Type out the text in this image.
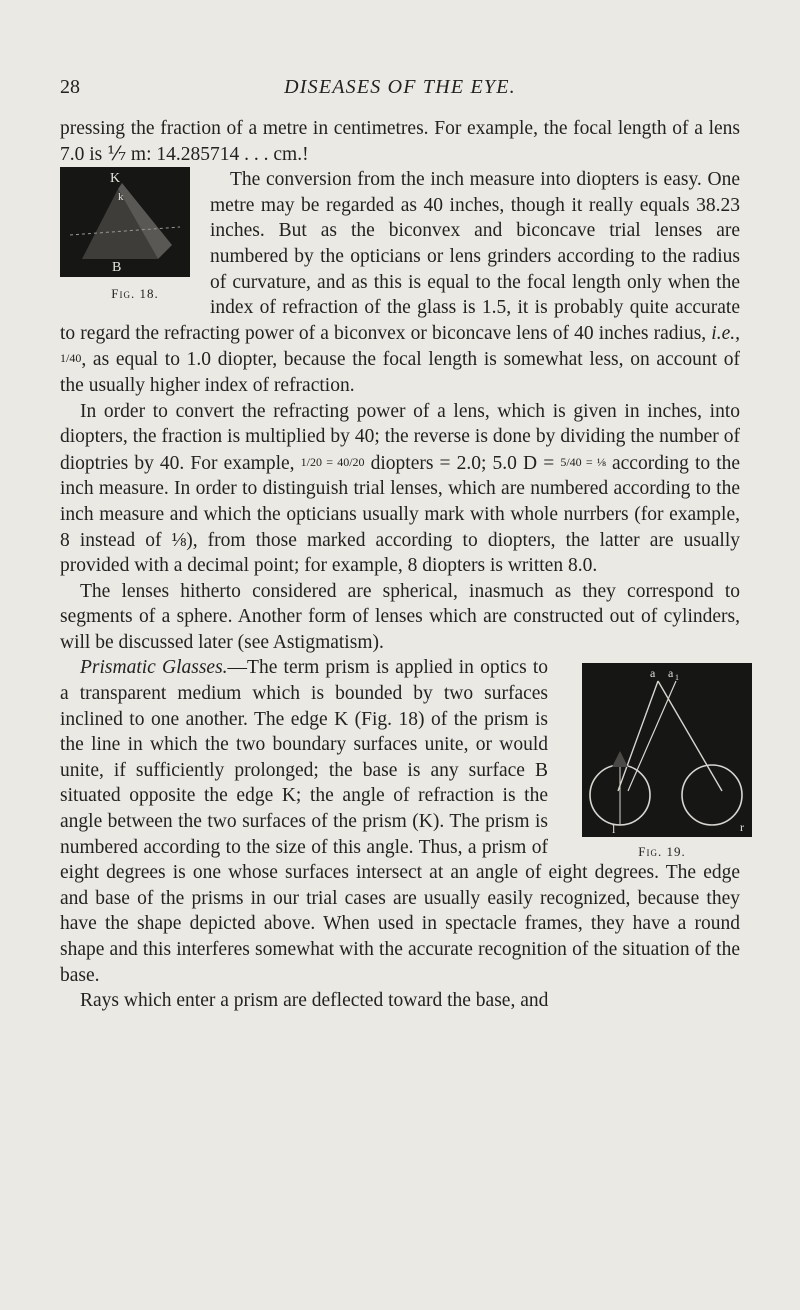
28	DISEASES OF THE EYE.

pressing the fraction of a metre in centimetres. For example, the focal length of a lens 7.0 is ⅐ m: 14.285714 . . . cm.!

K
k
B
Fig. 18.
The conversion from the inch measure into diopters is easy. One metre may be regarded as 40 inches, though it really equals 38.23 inches. But as the biconvex and biconcave trial lenses are numbered by the opticians or lens grinders according to the radius of curvature, and as this is equal to the focal length only when the index of refraction of the glass is 1.5, it is probably quite accurate to regard the refracting power of a biconvex or biconcave lens of 40 inches radius, i.e., 1/40, as equal to 1.0 diopter, because the focal length is somewhat less, on account of the usually higher index of refraction.

In order to convert the refracting power of a lens, which is given in inches, into diopters, the fraction is multiplied by 40; the reverse is done by dividing the number of dioptries by 40. For example, 1/20 = 40/20 diopters = 2.0; 5.0 D = 5/40 = ⅛ according to the inch measure. In order to distinguish trial lenses, which are numbered according to the inch measure and which the opticians usually mark with whole nurrbers (for example, 8 instead of ⅛), from those marked according to diopters, the latter are usually provided with a decimal point; for example, 8 diopters is written 8.0.

The lenses hitherto considered are spherical, inasmuch as they correspond to segments of a sphere. Another form of lenses which are constructed out of cylinders, will be discussed later (see Astigmatism).

a a 1
l	r
Fig. 19.
Prismatic Glasses.—The term prism is applied in optics to a transparent medium which is bounded by two surfaces inclined to one another. The edge K (Fig. 18) of the prism is the line in which the two boundary surfaces unite, or would unite, if sufficiently prolonged; the base is any surface B situated opposite the edge K; the angle of refraction is the angle between the two surfaces of the prism (K). The prism is numbered according to the size of this angle. Thus, a prism of eight degrees is one whose surfaces intersect at an angle of eight degrees. The edge and base of the prisms in our trial cases are usually easily recognized, because they have the shape depicted above. When used in spectacle frames, they have a round shape and this interferes somewhat with the accurate recognition of the situation of the base.

Rays which enter a prism are deflected toward the base, and
